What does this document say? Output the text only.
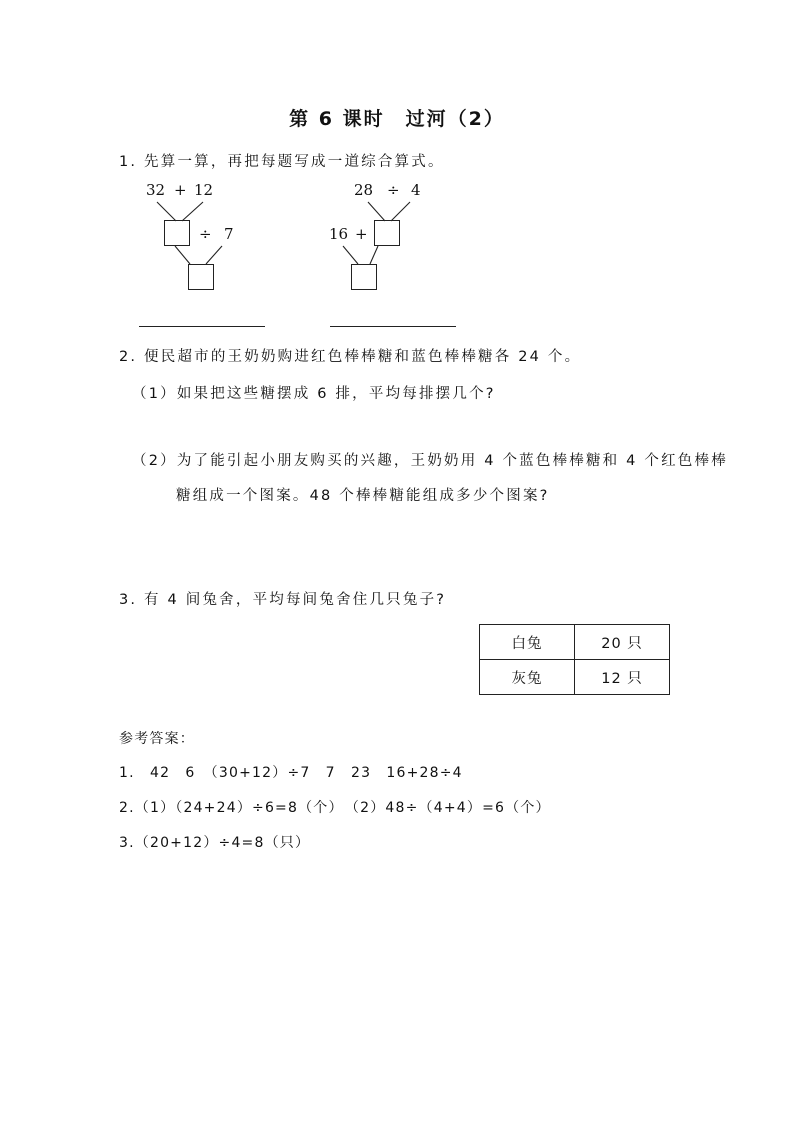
第 6 课时　过河（2）
1. 先算一算，再把每题写成一道综合算式。
32 + 12
÷ 7
28 ÷ 4
16 +
2. 便民超市的王奶奶购进红色棒棒糖和蓝色棒棒糖各 24 个。
（1）如果把这些糖摆成 6 排，平均每排摆几个?
（2）为了能引起小朋友购买的兴趣，王奶奶用 4 个蓝色棒棒糖和 4 个红色棒棒
糖组成一个图案。48 个棒棒糖能组成多少个图案?
3. 有 4 间兔舍，平均每间兔舍住几只兔子?
白兔	20 只
灰兔	12 只
参考答案：
1.　42　6　（30+12）÷7　7　23　16+28÷4
2.（1）（24+24）÷6=8（个）　（2）48÷（4+4）=6（个）
3.（20+12）÷4=8（只）
